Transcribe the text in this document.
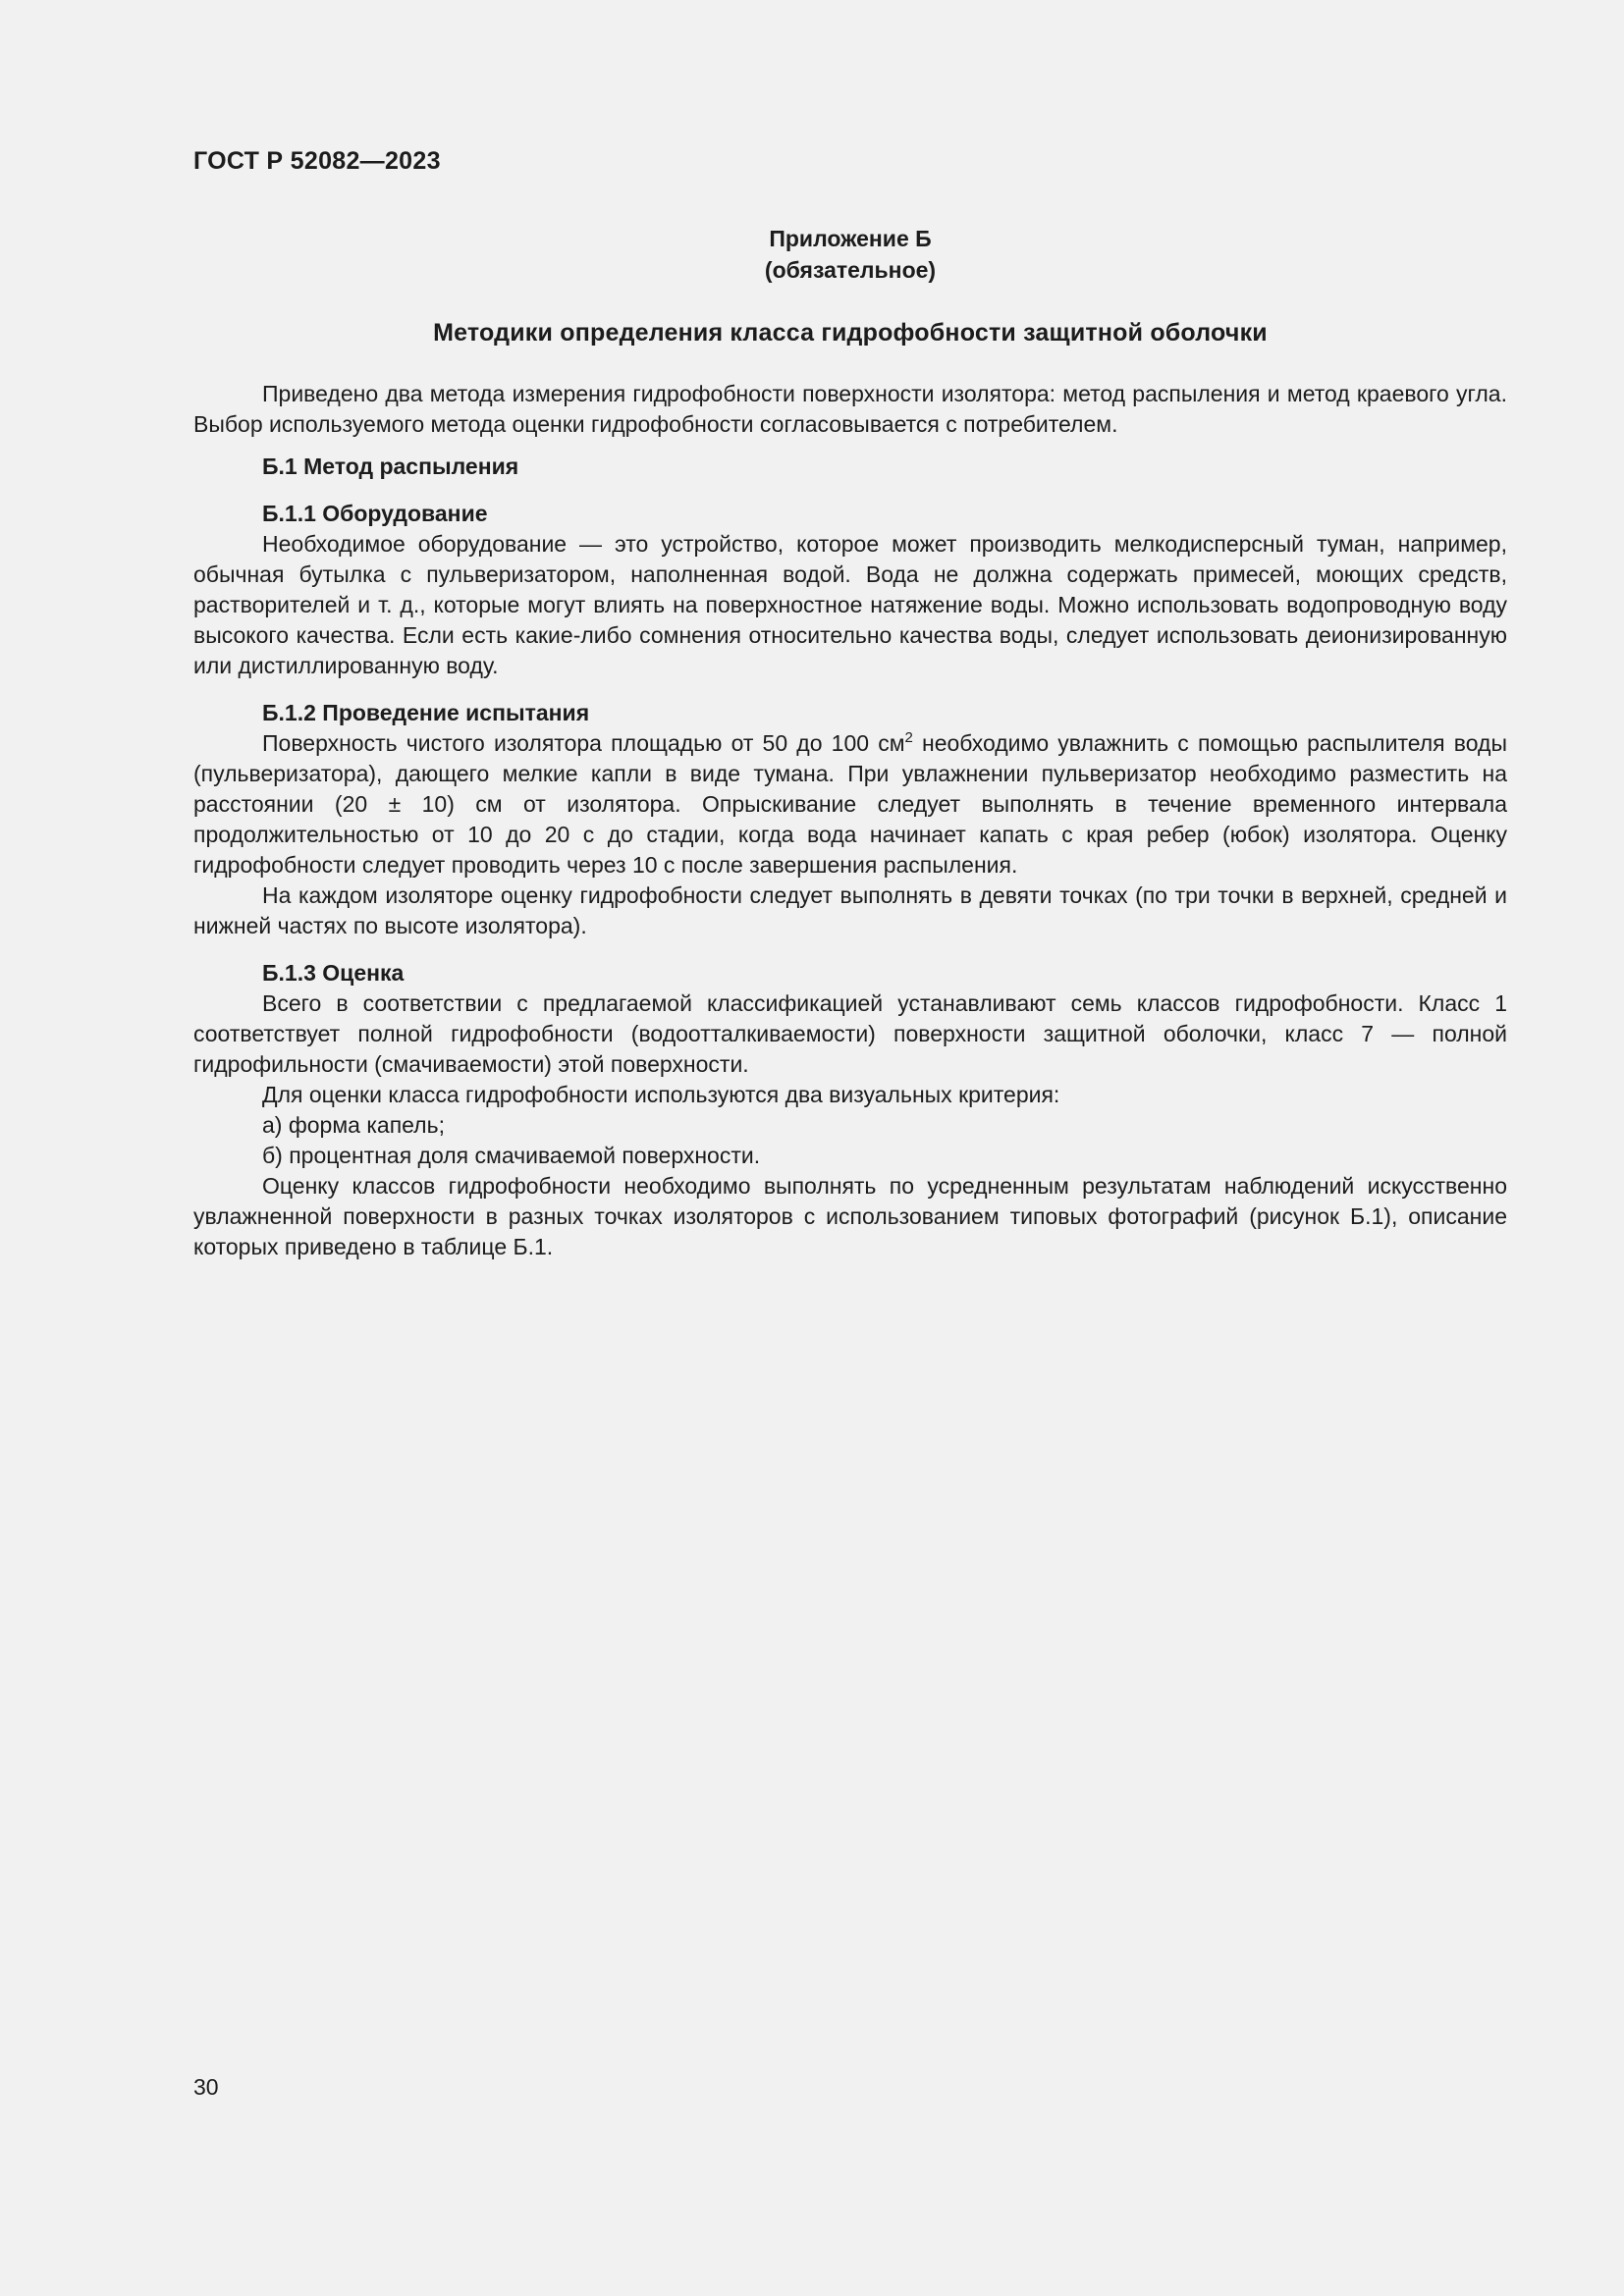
ГОСТ Р 52082—2023
Приложение Б
(обязательное)
Методики определения класса гидрофобности защитной оболочки

Приведено два метода измерения гидрофобности поверхности изолятора: метод распыления и метод краевого угла. Выбор используемого метода оценки гидрофобности согласовывается с потребителем.

Б.1 Метод распыления
Б.1.1 Оборудование

Необходимое оборудование — это устройство, которое может производить мелкодисперсный туман, например, обычная бутылка с пульверизатором, наполненная водой. Вода не должна содержать примесей, моющих средств, растворителей и т. д., которые могут влиять на поверхностное натяжение воды. Можно использовать водопроводную воду высокого качества. Если есть какие-либо сомнения относительно качества воды, следует использовать деионизированную или дистиллированную воду.

Б.1.2 Проведение испытания

Поверхность чистого изолятора площадью от 50 до 100 $см^2$ необходимо увлажнить с помощью распылителя воды (пульверизатора), дающего мелкие капли в виде тумана. При увлажнении пульверизатор необходимо разместить на расстоянии (20 ± 10) см от изолятора. Опрыскивание следует выполнять в течение временного интервала продолжительностью от 10 до 20 с до стадии, когда вода начинает капать с края ребер (юбок) изолятора. Оценку гидрофобности следует проводить через 10 с после завершения распыления.

На каждом изоляторе оценку гидрофобности следует выполнять в девяти точках (по три точки в верхней, средней и нижней частях по высоте изолятора).

Б.1.3 Оценка

Всего в соответствии с предлагаемой классификацией устанавливают семь классов гидрофобности. Класс 1 соответствует полной гидрофобности (водоотталкиваемости) поверхности защитной оболочки, класс 7 — полной гидрофильности (смачиваемости) этой поверхности.

Для оценки класса гидрофобности используются два визуальных критерия:

а) форма капель;

б) процентная доля смачиваемой поверхности.

Оценку классов гидрофобности необходимо выполнять по усредненным результатам наблюдений искусственно увлажненной поверхности в разных точках изоляторов с использованием типовых фотографий (рисунок Б.1), описание которых приведено в таблице Б.1.

30
